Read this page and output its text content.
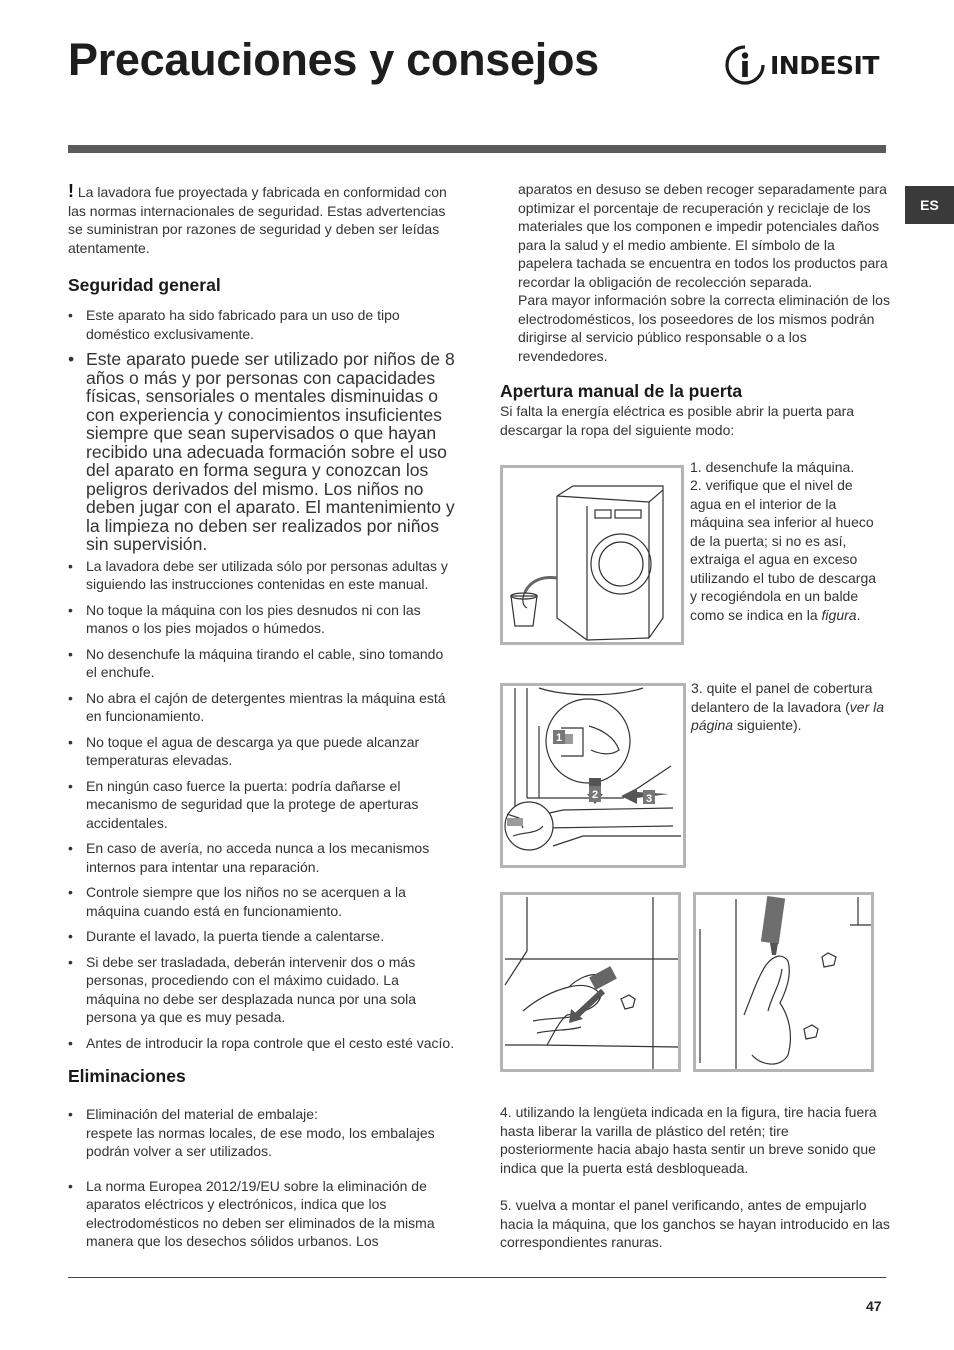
Precauciones y consejos	INDESIT
ES

! La lavadora fue proyectada y fabricada en conformidad con las normas internacionales de seguridad. Estas advertencias se suministran por razones de seguridad y deben ser leídas atentamente.

Seguridad general
• Este aparato ha sido fabricado para un uso de tipo doméstico exclusivamente.
• Este aparato puede ser utilizado por niños de 8 años o más y por personas con capacidades físicas, sensoriales o mentales disminuidas o con experiencia y conocimientos insuficientes siempre que sean supervisados o que hayan recibido una adecuada formación sobre el uso del aparato en forma segura y conozcan los peligros derivados del mismo. Los niños no deben jugar con el aparato. El mantenimiento y la limpieza no deben ser realizados por niños sin supervisión.
• La lavadora debe ser utilizada sólo por personas adultas y siguiendo las instrucciones contenidas en este manual.
• No toque la máquina con los pies desnudos ni con las manos o los pies mojados o húmedos.
• No desenchufe la máquina tirando el cable, sino tomando el enchufe.
• No abra el cajón de detergentes mientras la máquina está en funcionamiento.
• No toque el agua de descarga ya que puede alcanzar temperaturas elevadas.
• En ningún caso fuerce la puerta: podría dañarse el mecanismo de seguridad que la protege de aperturas accidentales.
• En caso de avería, no acceda nunca a los mecanismos internos para intentar una reparación.
• Controle siempre que los niños no se acerquen a la máquina cuando está en funcionamiento.
• Durante el lavado, la puerta tiende a calentarse.
• Si debe ser trasladada, deberán intervenir dos o más personas, procediendo con el máximo cuidado. La máquina no debe ser desplazada nunca por una sola persona ya que es muy pesada.
• Antes de introducir la ropa controle que el cesto esté vacío.
Eliminaciones
• Eliminación del material de embalaje:
respete las normas locales, de ese modo, los embalajes podrán volver a ser utilizados.
• La norma Europea 2012/19/EU sobre la eliminación de aparatos eléctricos y electrónicos, indica que los electrodomésticos no deben ser eliminados de la misma manera que los desechos sólidos urbanos. Los

aparatos en desuso se deben recoger separadamente para optimizar el porcentaje de recuperación y reciclaje de los materiales que los componen e impedir potenciales daños para la salud y el medio ambiente. El símbolo de la papelera tachada se encuentra en todos los productos para recordar la obligación de recolección separada.

Para mayor información sobre la correcta eliminación de los electrodomésticos, los poseedores de los mismos podrán dirigirse al servicio público responsable o a los revendedores.

Apertura manual de la puerta

Si falta la energía eléctrica es posible abrir la puerta para descargar la ropa del siguiente modo:

1. desenchufe la máquina.
2. verifique que el nivel de agua en el interior de la máquina sea inferior al hueco de la puerta; si no es así, extraiga el agua en exceso utilizando el tubo de descarga y recogiéndola en un balde como se indica en la figura.
1
2	3
3. quite el panel de cobertura delantero de la lavadora (ver la página siguiente).
4. utilizando la lengüeta indicada en la figura, tire hacia fuera hasta liberar la varilla de plástico del retén; tire posteriormente hacia abajo hasta sentir un breve sonido que indica que la puerta está desbloqueada.
5. vuelva a montar el panel verificando, antes de empujarlo hacia la máquina, que los ganchos se hayan introducido en las correspondientes ranuras.
47
